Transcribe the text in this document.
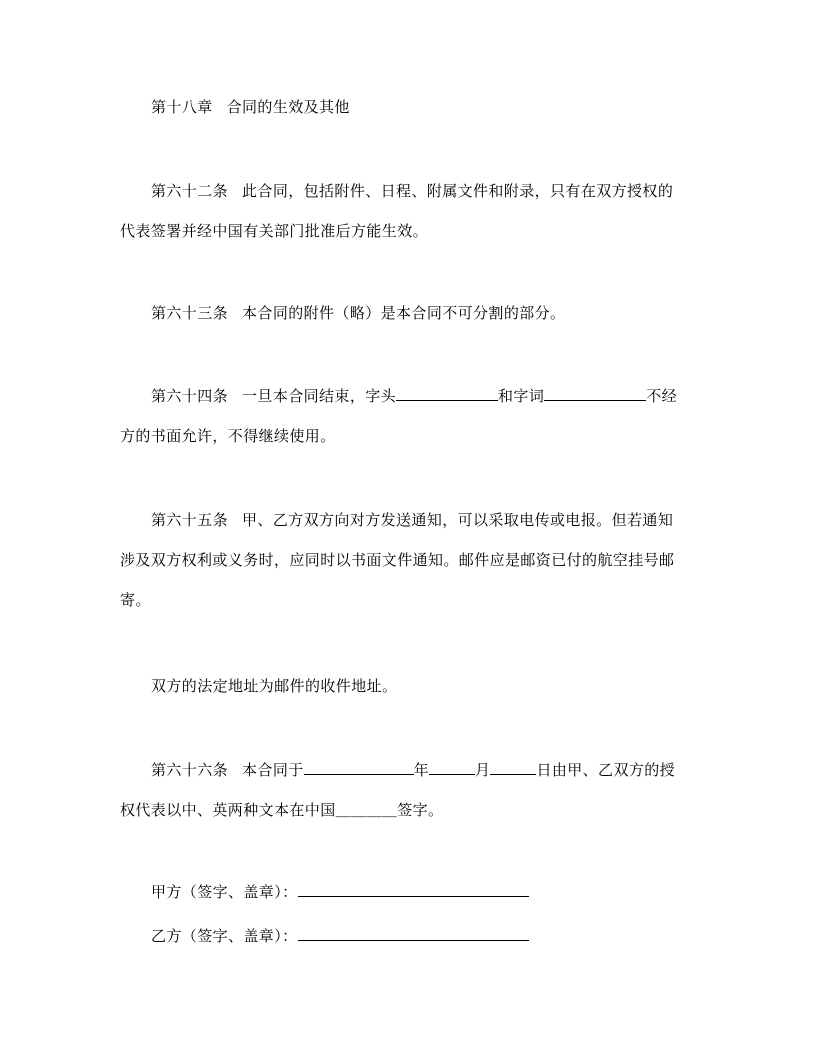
第十八章 合同的生效及其他
第六十二条 此合同，包括附件、日程、附属文件和附录，只有在双方授权的
代表签署并经中国有关部门批准后方能生效。
第六十三条 本合同的附件（略）是本合同不可分割的部分。
第六十四条 一旦本合同结束，字头	和字词	不经
方的书面允许，不得继续使用。
第六十五条 甲、乙方双方向对方发送通知，可以采取电传或电报。但若通知
涉及双方权利或义务时，应同时以书面文件通知。邮件应是邮资已付的航空挂号邮
寄。
双方的法定地址为邮件的收件地址。
第六十六条 本合同于	年	月	日由甲、乙双方的授
权代表以中、英两种文本在中国＿＿＿＿签字。
甲方（签字、盖章）：
乙方（签字、盖章）：
